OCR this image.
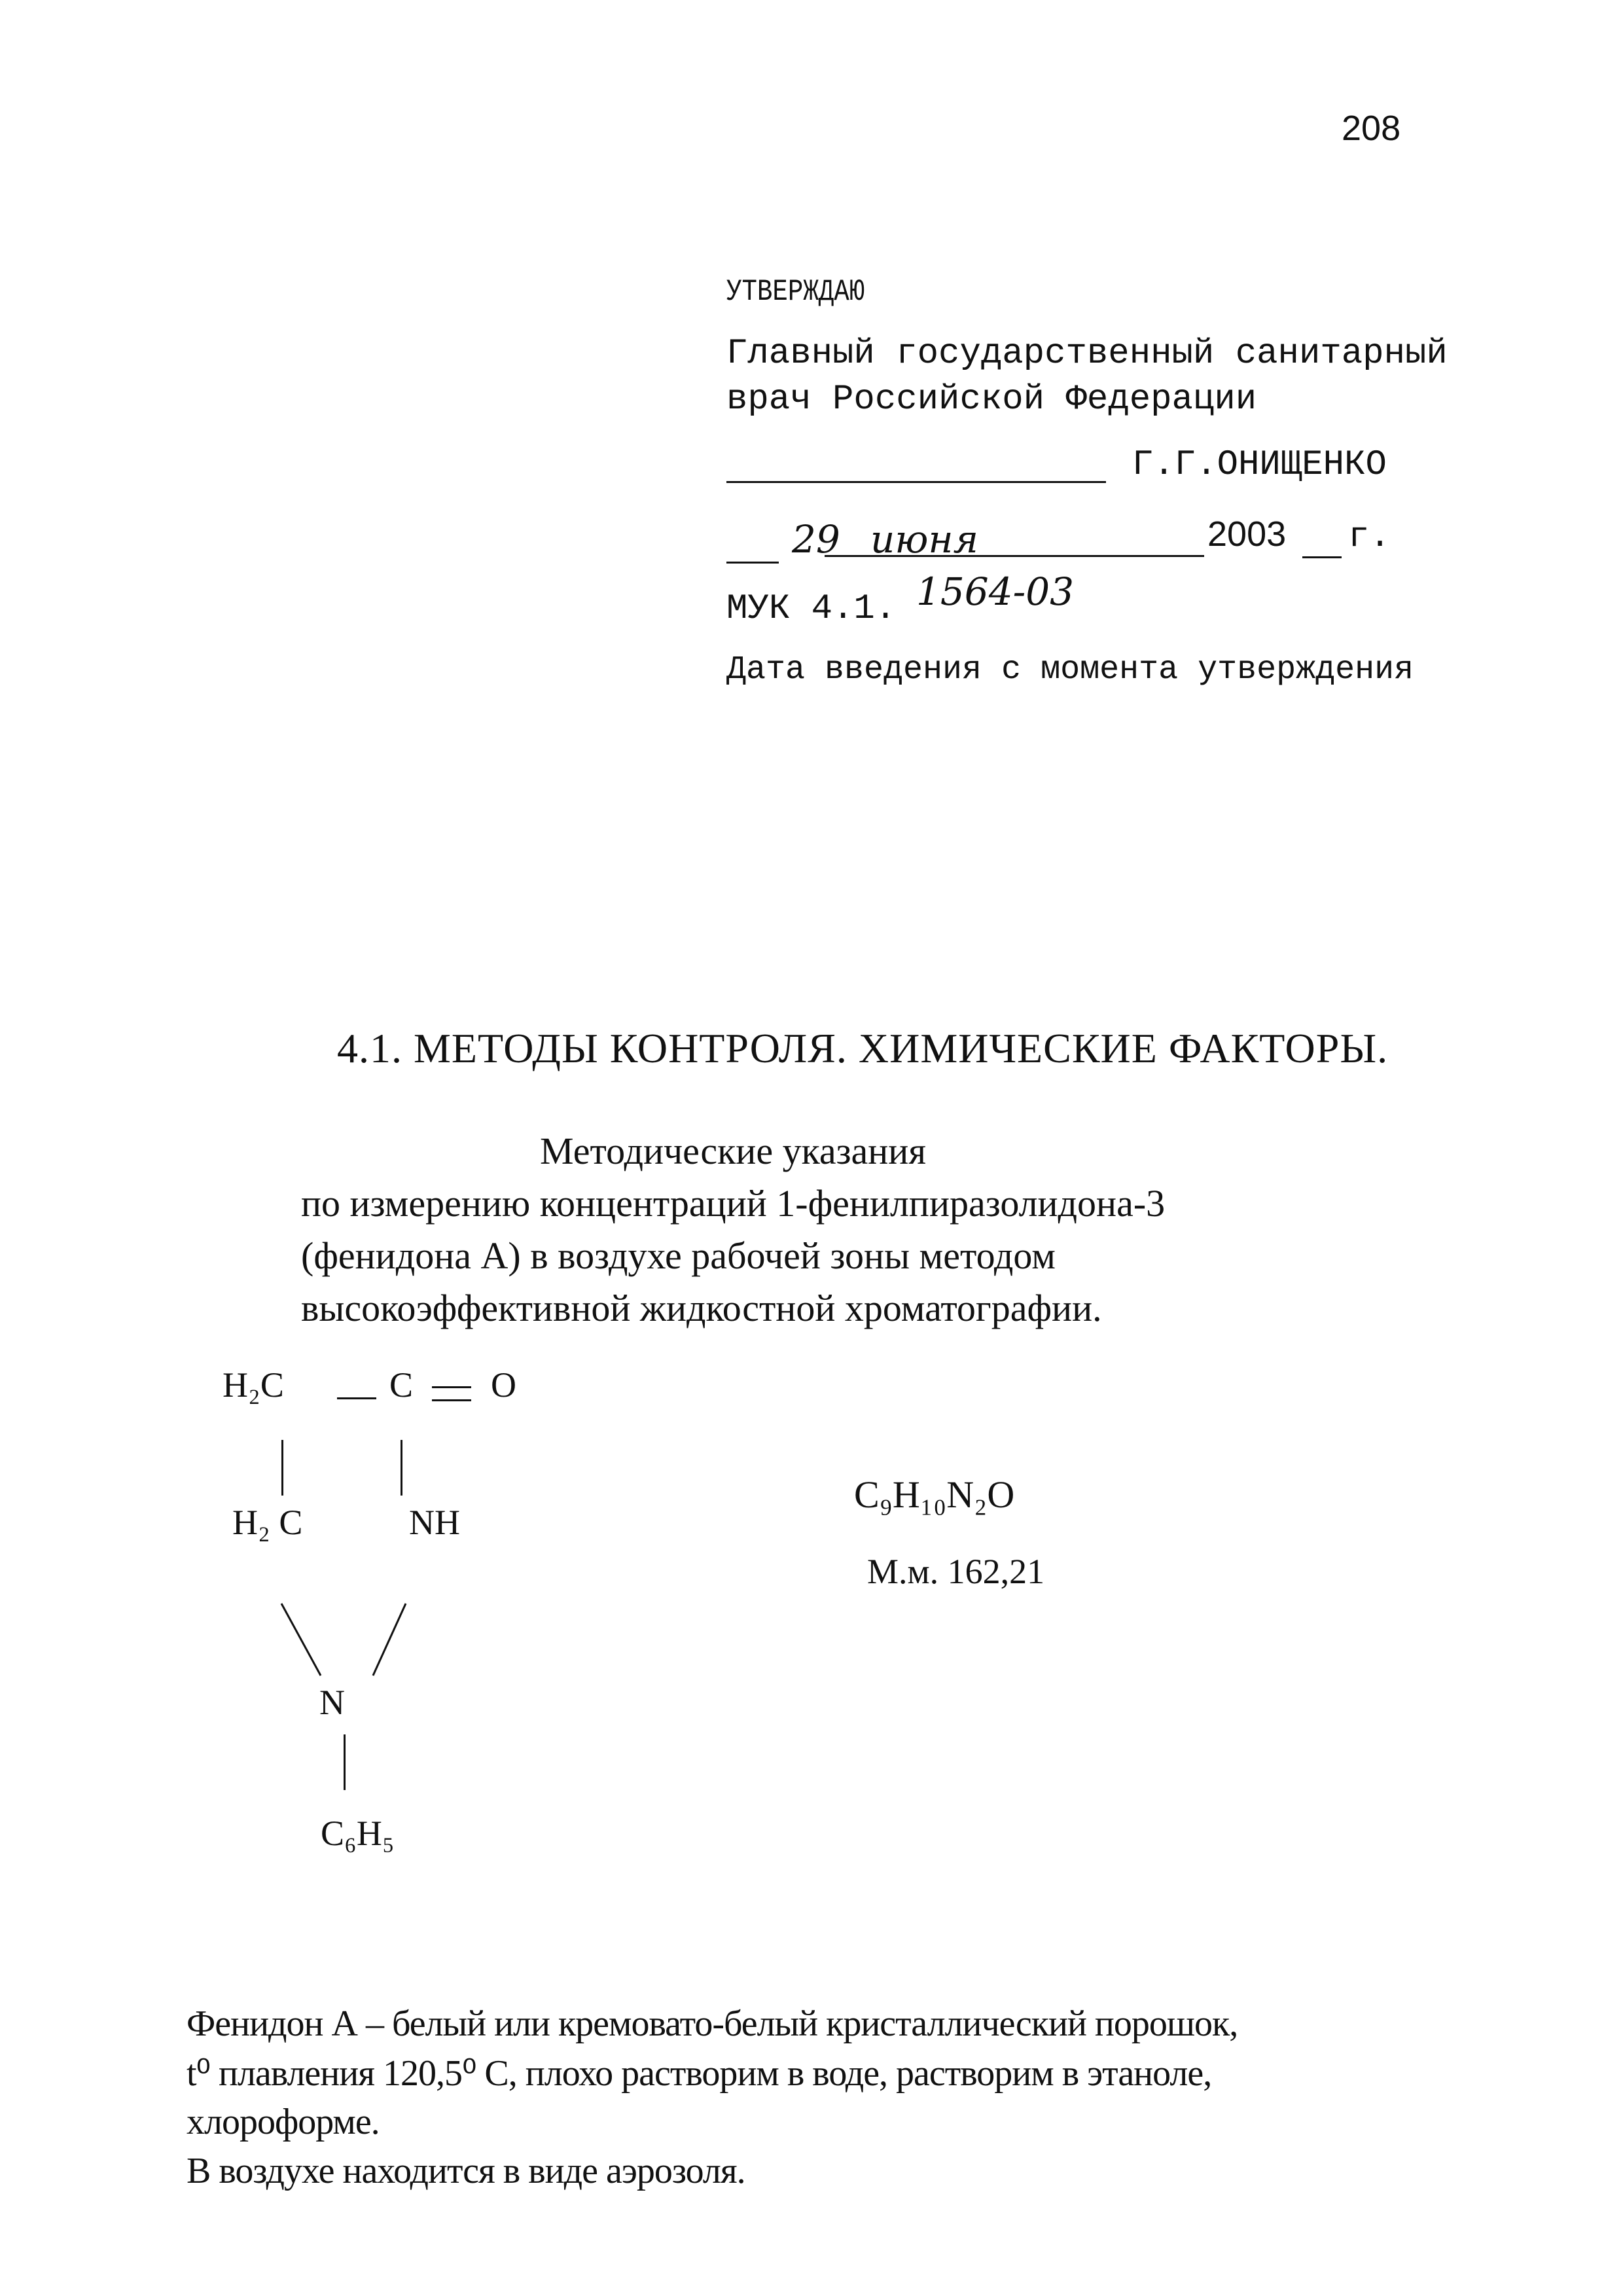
208
УТВЕРЖДАЮ
Главный государственный санитарный
врач Российской Федерации
Г.Г.ОНИЩЕНКО
29 июня	2003 г.
МУК 4.1. 1564-03
Дата введения с момента утверждения
4.1. МЕТОДЫ КОНТРОЛЯ. ХИМИЧЕСКИЕ ФАКТОРЫ.
Методические указания
по измерению концентраций 1-фенилпиразолидона-3
(фенидона А) в воздухе рабочей зоны методом
высокоэффективной жидкостной хроматографии.
H₂C	C O
H₂ C	NH
N
C₆H₅
C₉H₁₀N₂O
М.м. 162,21
Фенидон А – белый или кремовато-белый кристаллический порошок,
t⁰ плавления 120,5⁰ С, плохо растворим в воде, растворим в этаноле,
хлороформе.
В воздухе находится в виде аэрозоля.
